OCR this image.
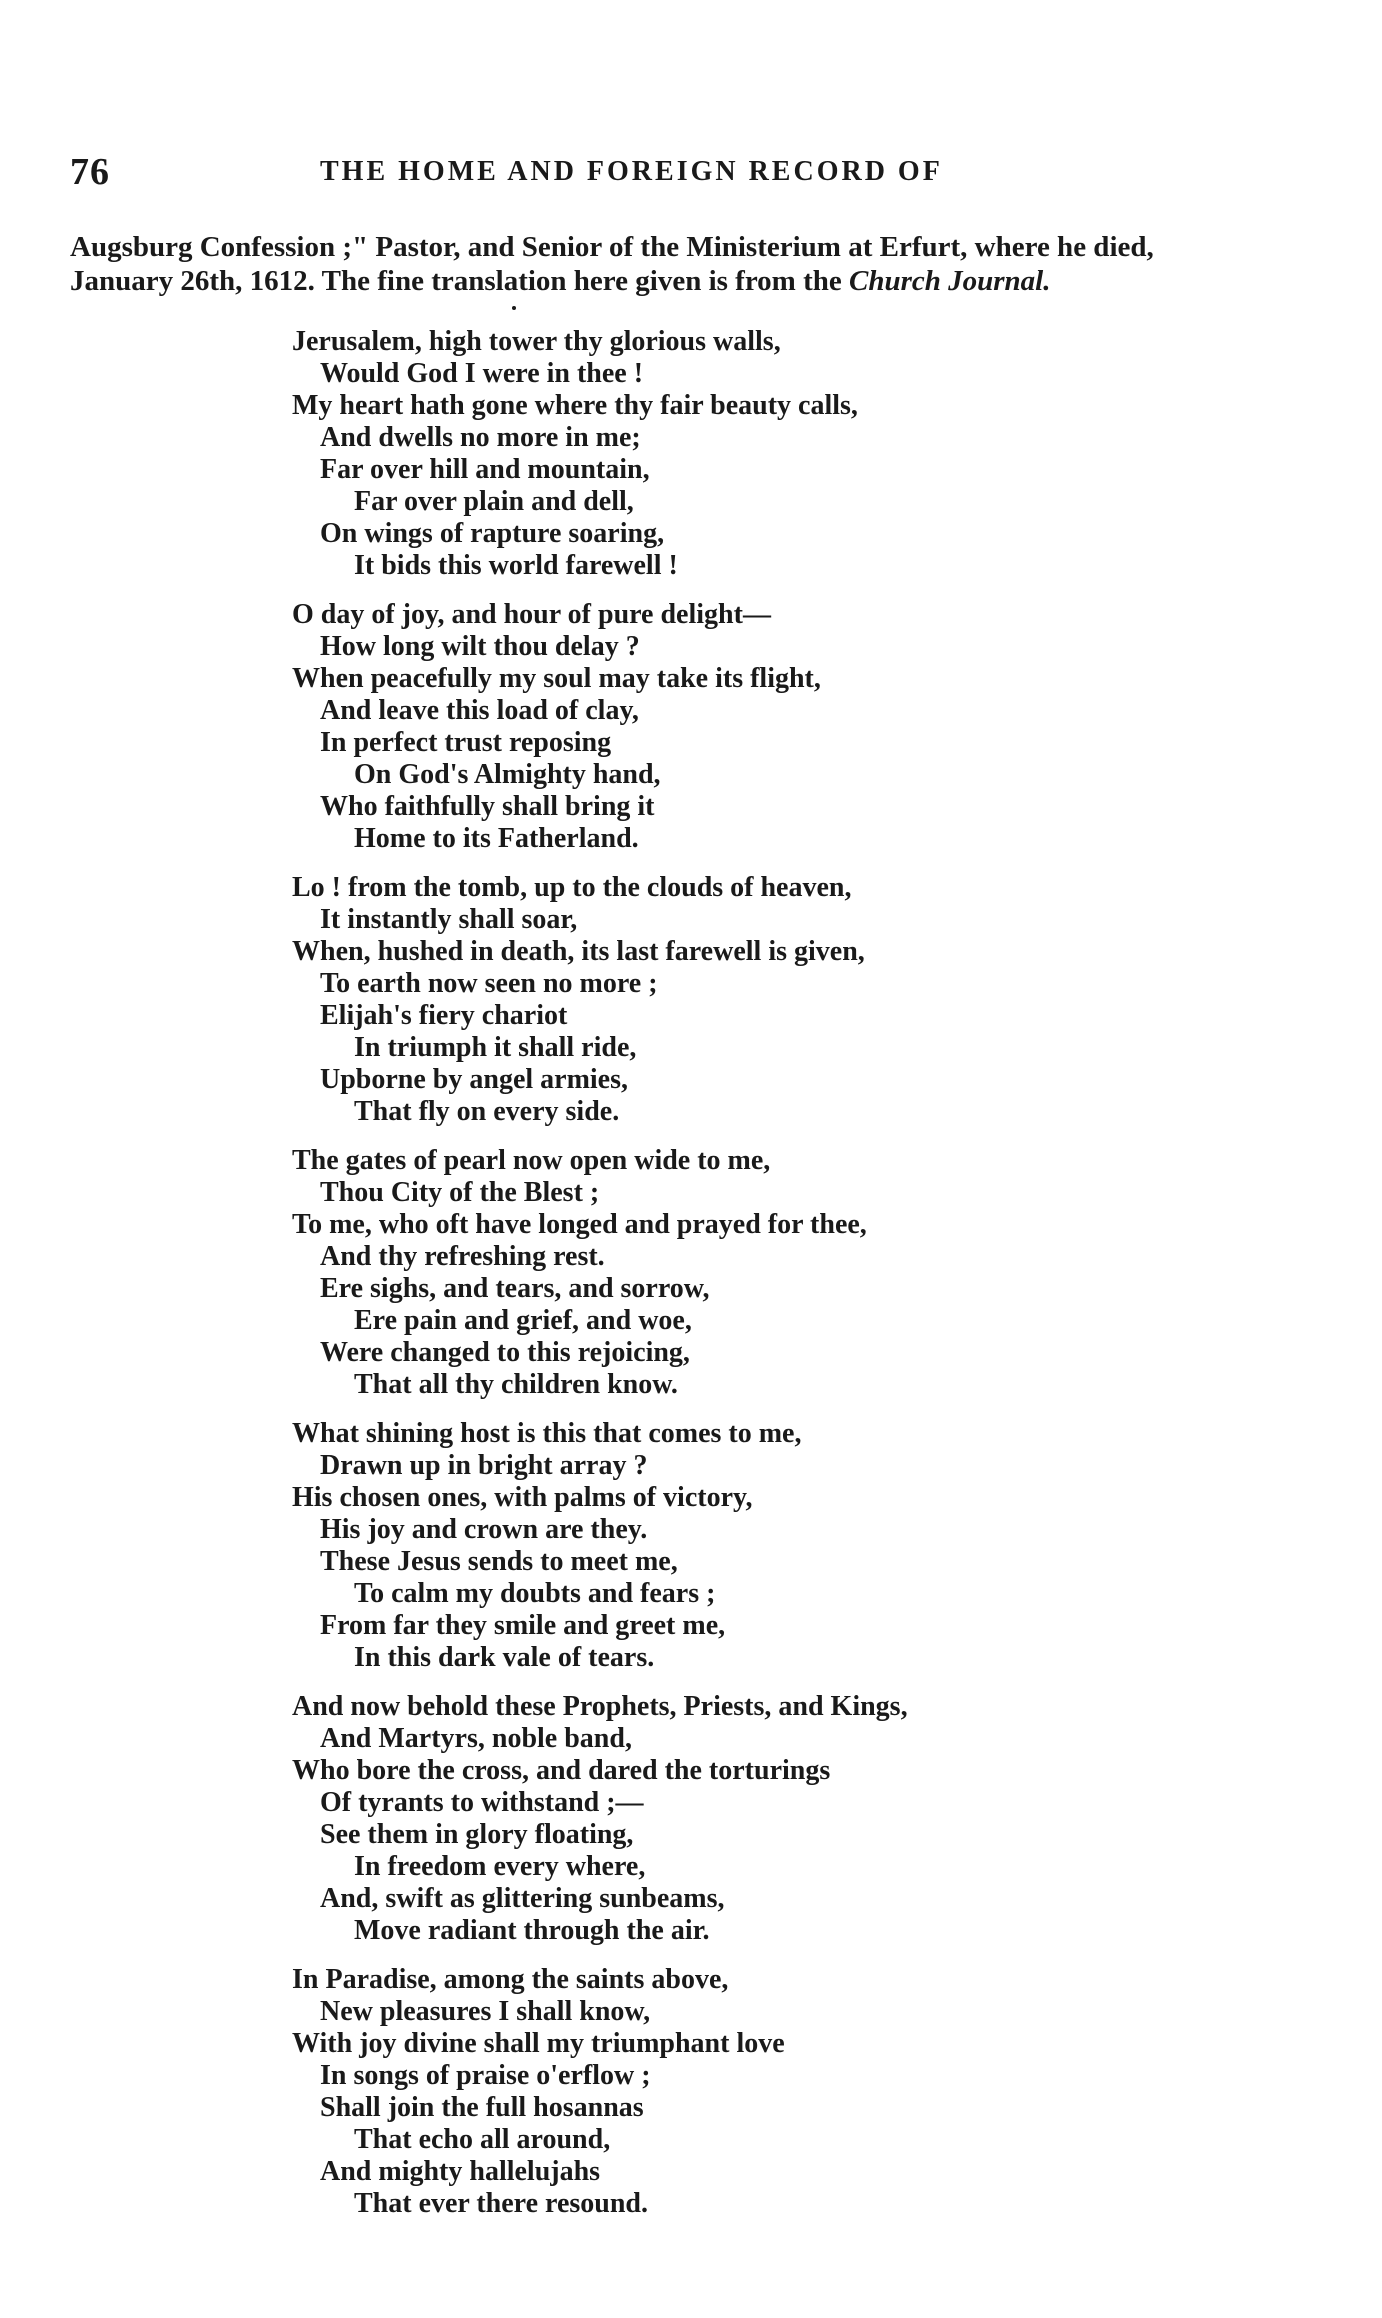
76	THE HOME AND FOREIGN RECORD OF
Augsburg Confession ;" Pastor, and Senior of the Ministerium at Erfurt, where he died,
January 26th, 1612. The fine translation here given is from the Church Journal.
Jerusalem, high tower thy glorious walls,
Would God I were in thee !
My heart hath gone where thy fair beauty calls,
And dwells no more in me;
Far over hill and mountain,
Far over plain and dell,
On wings of rapture soaring,
It bids this world farewell !
O day of joy, and hour of pure delight—
How long wilt thou delay ?
When peacefully my soul may take its flight,
And leave this load of clay,
In perfect trust reposing
On God's Almighty hand,
Who faithfully shall bring it
Home to its Fatherland.
Lo ! from the tomb, up to the clouds of heaven,
It instantly shall soar,
When, hushed in death, its last farewell is given,
To earth now seen no more ;
Elijah's fiery chariot
In triumph it shall ride,
Upborne by angel armies,
That fly on every side.
The gates of pearl now open wide to me,
Thou City of the Blest ;
To me, who oft have longed and prayed for thee,
And thy refreshing rest.
Ere sighs, and tears, and sorrow,
Ere pain and grief, and woe,
Were changed to this rejoicing,
That all thy children know.
What shining host is this that comes to me,
Drawn up in bright array ?
His chosen ones, with palms of victory,
His joy and crown are they.
These Jesus sends to meet me,
To calm my doubts and fears ;
From far they smile and greet me,
In this dark vale of tears.
And now behold these Prophets, Priests, and Kings,
And Martyrs, noble band,
Who bore the cross, and dared the torturings
Of tyrants to withstand ;—
See them in glory floating,
In freedom every where,
And, swift as glittering sunbeams,
Move radiant through the air.
In Paradise, among the saints above,
New pleasures I shall know,
With joy divine shall my triumphant love
In songs of praise o'erflow ;
Shall join the full hosannas
That echo all around,
And mighty hallelujahs
That ever there resound.
